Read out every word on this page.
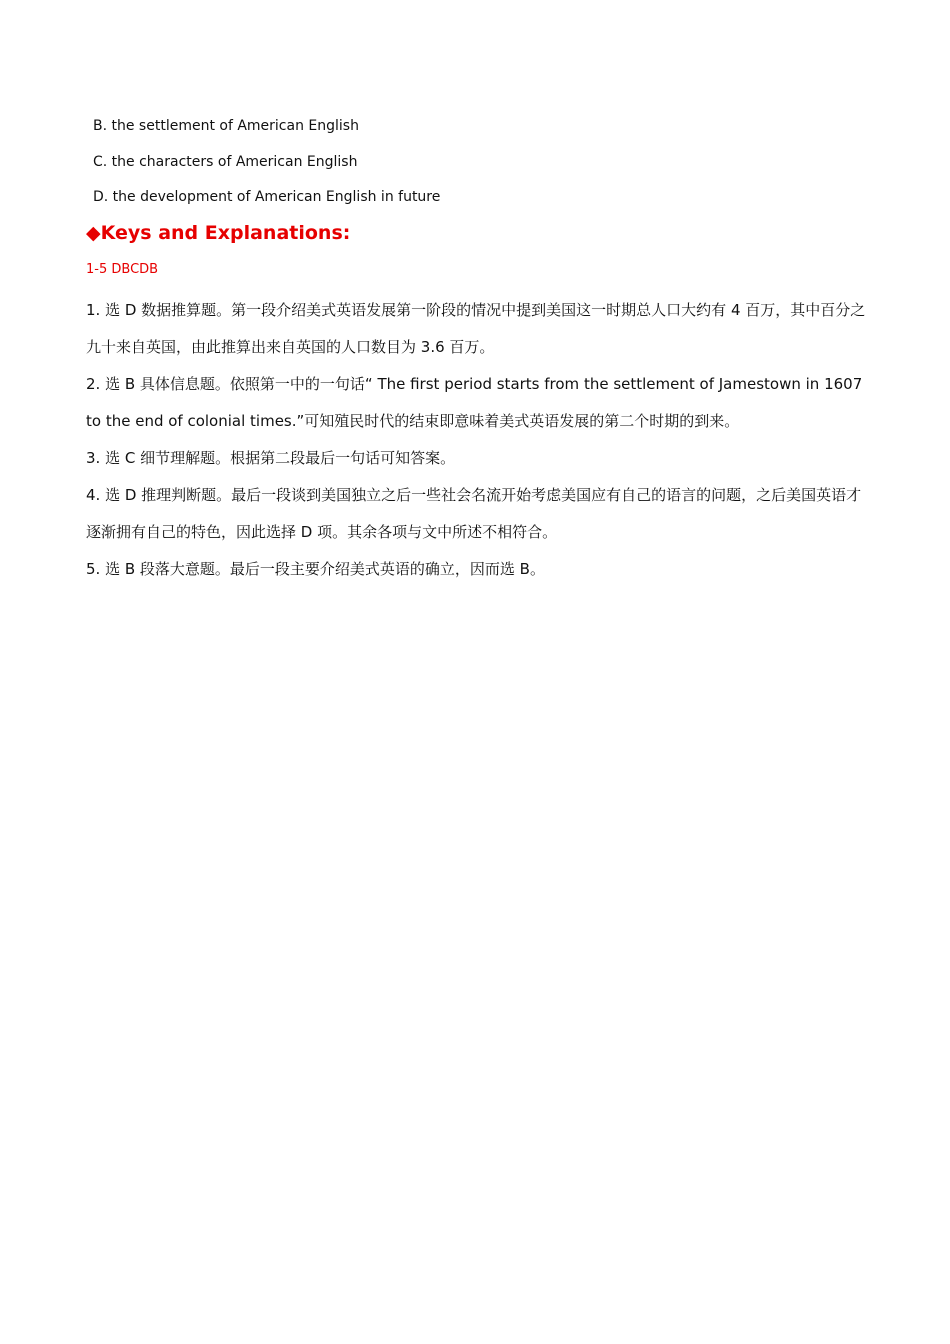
B. the settlement of American English
C. the characters of American English
D. the development of American English in future
◆Keys and Explanations:
1-5 DBCDB

1. 选 D 数据推算题。第一段介绍美式英语发展第一阶段的情况中提到美国这一时期总人口大约有 4 百万，其中百分之九十来自英国，由此推算出来自英国的人口数目为 3.6 百万。

2. 选 B 具体信息题。依照第一中的一句话“ The first period starts from the settlement of Jamestown in 1607 to the end of colonial times.”可知殖民时代的结束即意味着美式英语发展的第二个时期的到来。

3. 选 C 细节理解题。根据第二段最后一句话可知答案。

4. 选 D 推理判断题。最后一段谈到美国独立之后一些社会名流开始考虑美国应有自己的语言的问题，之后美国英语才逐渐拥有自己的特色，因此选择 D 项。其余各项与文中所述不相符合。

5. 选 B 段落大意题。最后一段主要介绍美式英语的确立，因而选 B。
